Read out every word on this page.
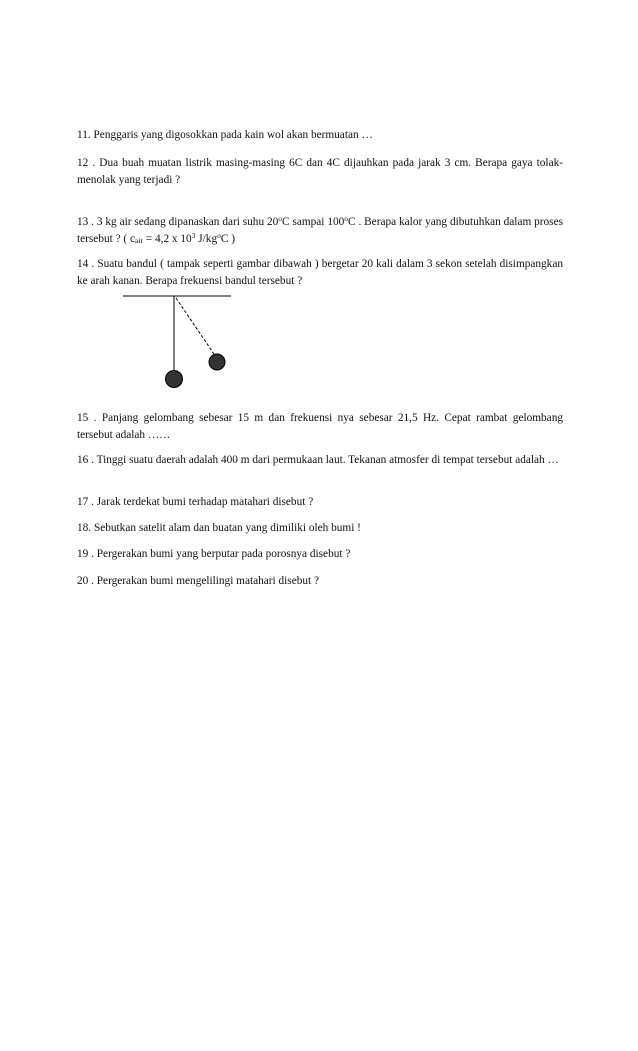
11. Penggaris yang digosokkan pada kain wol akan bermuatan …

12 . Dua buah muatan listrik masing-masing 6C dan 4C dijauhkan pada jarak 3 cm. Berapa gaya tolak-menolak yang terjadi ?

13 . 3 kg air sedang dipanaskan dari suhu 20$^o$C sampai 100$^o$C . Berapa kalor yang dibutuhkan dalam proses tersebut ? ( $c_{air} = 4,2$ x $10^3$ $J/kg^oC$ )

14 . Suatu bandul ( tampak seperti gambar dibawah ) bergetar 20 kali dalam 3 sekon setelah disimpangkan ke arah kanan. Berapa frekuensi bandul tersebut ?

15 . Panjang gelombang sebesar 15 m dan frekuensi nya sebesar 21,5 Hz. Cepat rambat gelombang tersebut adalah ……

16 . Tinggi suatu daerah adalah 400 m dari permukaan laut. Tekanan atmosfer di tempat tersebut adalah …

17 . Jarak terdekat bumi terhadap matahari disebut ?

18. Sebutkan satelit alam dan buatan yang dimiliki oleh bumi !

19 . Pergerakan bumi yang berputar pada porosnya disebut ?

20 . Pergerakan bumi mengelilingi matahari disebut ?
